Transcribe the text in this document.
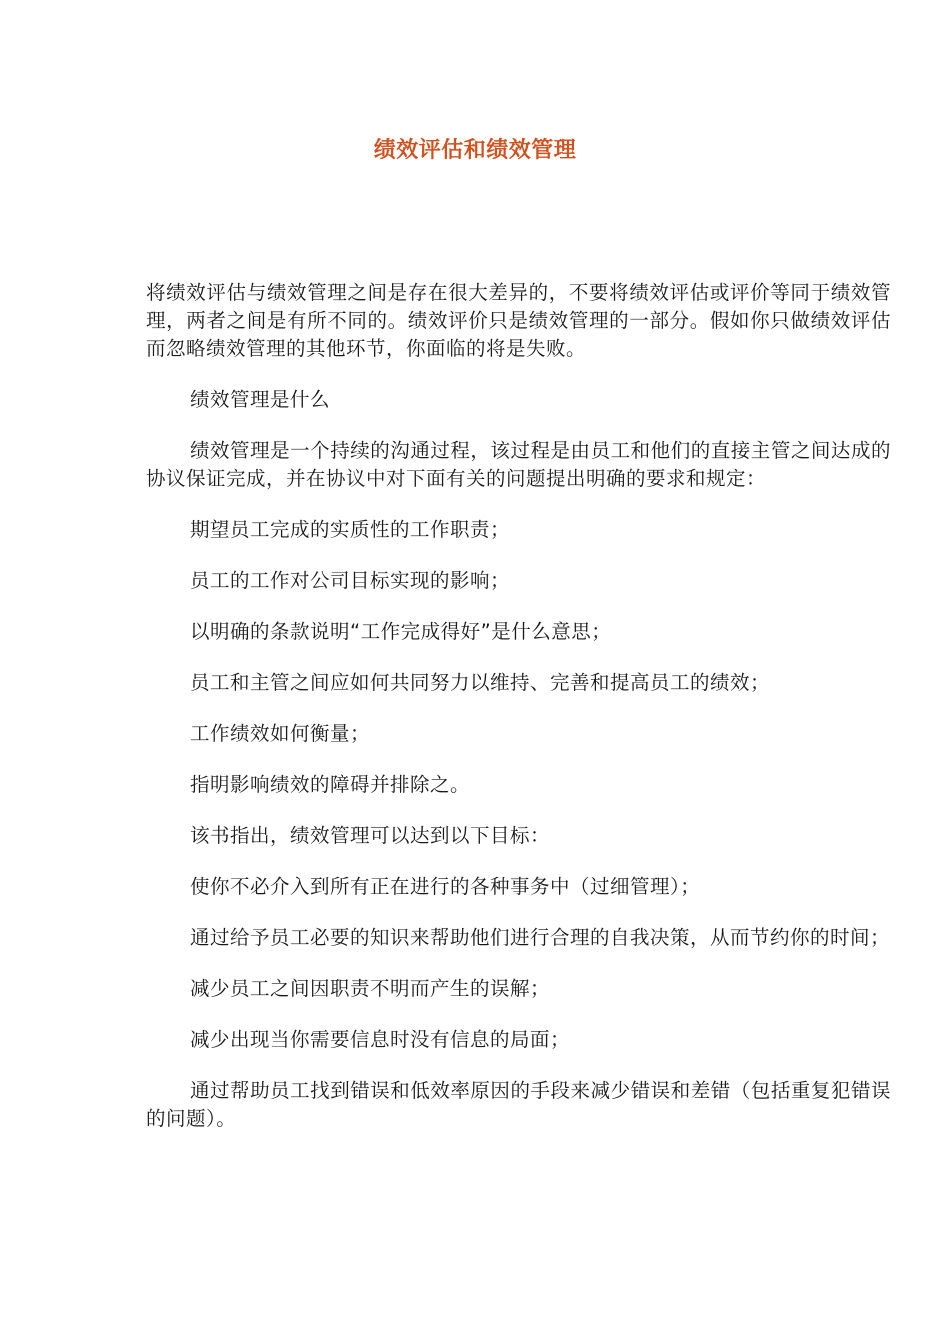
绩效评估和绩效管理

将绩效评估与绩效管理之间是存在很大差异的，不要将绩效评估或评价等同于绩效管理，两者之间是有所不同的。绩效评价只是绩效管理的一部分。假如你只做绩效评估而忽略绩效管理的其他环节，你面临的将是失败。

绩效管理是什么

绩效管理是一个持续的沟通过程，该过程是由员工和他们的直接主管之间达成的协议保证完成，并在协议中对下面有关的问题提出明确的要求和规定：

期望员工完成的实质性的工作职责；

员工的工作对公司目标实现的影响；

以明确的条款说明“工作完成得好”是什么意思；

员工和主管之间应如何共同努力以维持、完善和提高员工的绩效；

工作绩效如何衡量；

指明影响绩效的障碍并排除之。

该书指出，绩效管理可以达到以下目标：

使你不必介入到所有正在进行的各种事务中（过细管理）；

通过给予员工必要的知识来帮助他们进行合理的自我决策，从而节约你的时间；

减少员工之间因职责不明而产生的误解；

减少出现当你需要信息时没有信息的局面；

通过帮助员工找到错误和低效率原因的手段来减少错误和差错（包括重复犯错误的问题）。
